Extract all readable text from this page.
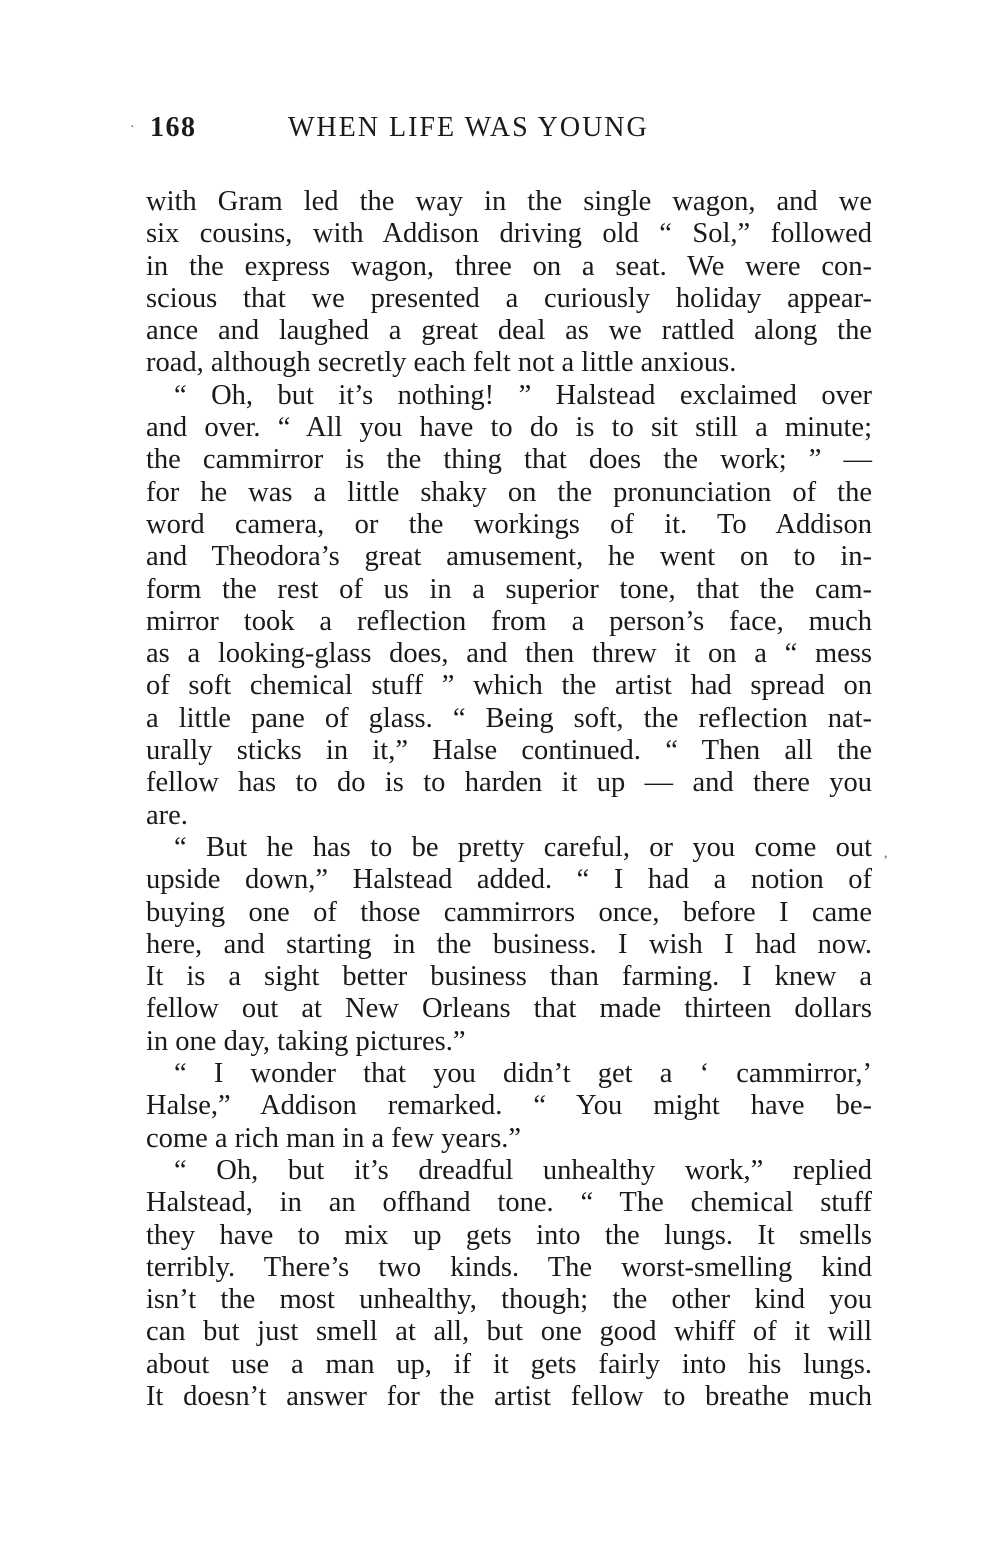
· 168	WHEN LIFE WAS YOUNG
with Gram led the way in the single wagon, and we
six cousins, with Addison driving old “ Sol,” followed
in the express wagon, three on a seat. We were con-
scious that we presented a curiously holiday appear-
ance and laughed a great deal as we rattled along the
road, although secretly each felt not a little anxious.
“ Oh, but it’s nothing! ” Halstead exclaimed over
and over. “ All you have to do is to sit still a minute;
the cammirror is the thing that does the work; ” —
for he was a little shaky on the pronunciation of the
word camera, or the workings of it. To Addison
and Theodora’s great amusement, he went on to in-
form the rest of us in a superior tone, that the cam-
mirror took a reflection from a person’s face, much
as a looking-glass does, and then threw it on a “ mess
of soft chemical stuff ” which the artist had spread on
a little pane of glass. “ Being soft, the reflection nat-
urally sticks in it,” Halse continued. “ Then all the
fellow has to do is to harden it up — and there you
are.
“ But he has to be pretty careful, or you come out
upside down,” Halstead added. “ I had a notion of
buying one of those cammirrors once, before I came
here, and starting in the business. I wish I had now.
It is a sight better business than farming. I knew a
fellow out at New Orleans that made thirteen dollars
in one day, taking pictures.”
“ I wonder that you didn’t get a ‘ cammirror,’
Halse,” Addison remarked. “ You might have be-
come a rich man in a few years.”
“ Oh, but it’s dreadful unhealthy work,” replied
Halstead, in an offhand tone. “ The chemical stuff
they have to mix up gets into the lungs. It smells
terribly. There’s two kinds. The worst-smelling kind
isn’t the most unhealthy, though; the other kind you
can but just smell at all, but one good whiff of it will
about use a man up, if it gets fairly into his lungs.
It doesn’t answer for the artist fellow to breathe much
,
